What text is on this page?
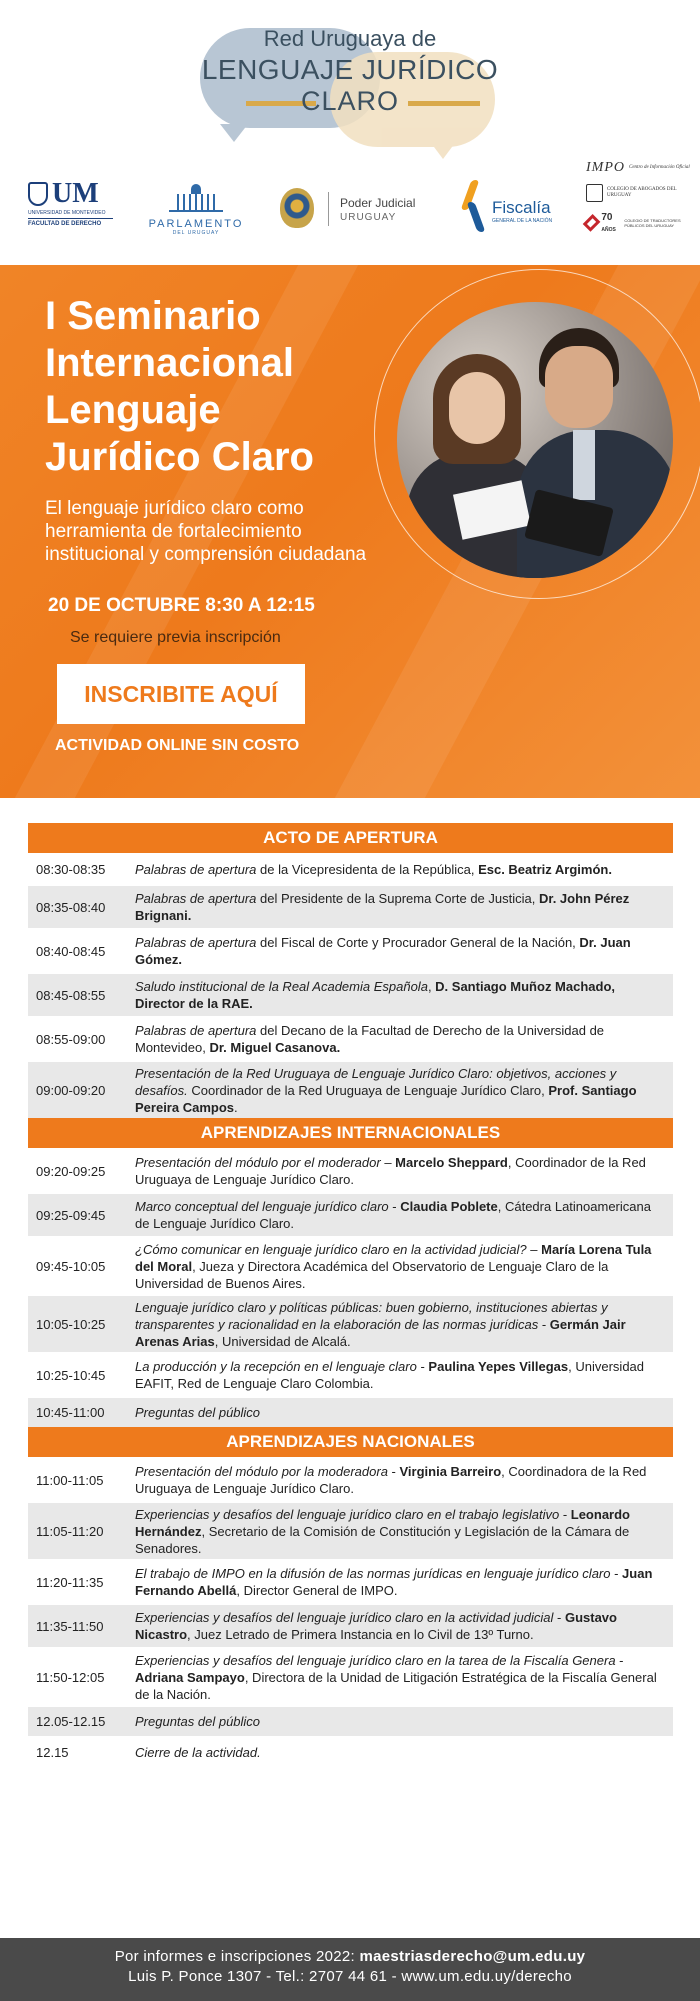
Red Uruguaya de
LENGUAJE JURÍDICO
CLARO
UM
UNIVERSIDAD DE MONTEVIDEO
FACULTAD DE DERECHO	PARLAMENTO
DEL URUGUAY
Poder Judicial
URUGUAY
Fiscalía
GENERAL DE LA NACIÓN
IMPO Centro de Información Oficial
COLEGIO DE ABOGADOS DEL URUGUAY
70 AÑOS
COLEGIO DE TRADUCTORES PÚBLICOS DEL URUGUAY
I Seminario
Internacional
Lenguaje
Jurídico Claro
El lenguaje jurídico claro como
herramienta de fortalecimiento
institucional y comprensión ciudadana
20 DE OCTUBRE 8:30 A 12:15
Se requiere previa inscripción
INSCRIBITE AQUÍ
ACTIVIDAD ONLINE SIN COSTO
ACTO DE APERTURA
08:30-08:35 Palabras de apertura de la Vicepresidenta de la República, Esc. Beatriz Argimón.
08:35-08:40
Palabras de apertura del Presidente de la Suprema Corte de Justicia, Dr. John Pérez Brignani.
08:40-08:45
Palabras de apertura del Fiscal de Corte y Procurador General de la Nación, Dr. Juan Gómez.
08:45-08:55
Saludo institucional de la Real Academia Española, D. Santiago Muñoz Machado, Director de la RAE.
08:55-09:00
Palabras de apertura del Decano de la Facultad de Derecho de la Universidad de Montevideo, Dr. Miguel Casanova.
09:00-09:20
Presentación de la Red Uruguaya de Lenguaje Jurídico Claro: objetivos, acciones y desafíos. Coordinador de la Red Uruguaya de Lenguaje Jurídico Claro, Prof. Santiago Pereira Campos.
APRENDIZAJES INTERNACIONALES
09:20-09:25
Presentación del módulo por el moderador – Marcelo Sheppard, Coordinador de la Red Uruguaya de Lenguaje Jurídico Claro.
09:25-09:45
Marco conceptual del lenguaje jurídico claro - Claudia Poblete, Cátedra Latinoamericana de Lenguaje Jurídico Claro.
09:45-10:05
¿Cómo comunicar en lenguaje jurídico claro en la actividad judicial? – María Lorena Tula del Moral, Jueza y Directora Académica del Observatorio de Lenguaje Claro de la Universidad de Buenos Aires.
10:05-10:25
Lenguaje jurídico claro y políticas públicas: buen gobierno, instituciones abiertas y transparentes y racionalidad en la elaboración de las normas jurídicas - Germán Jair Arenas Arias, Universidad de Alcalá.
10:25-10:45
La producción y la recepción en el lenguaje claro - Paulina Yepes Villegas, Universidad EAFIT, Red de Lenguaje Claro Colombia.
10:45-11:00 Preguntas del público
APRENDIZAJES NACIONALES
11:00-11:05
Presentación del módulo por la moderadora - Virginia Barreiro, Coordinadora de la Red Uruguaya de Lenguaje Jurídico Claro.
11:05-11:20
Experiencias y desafíos del lenguaje jurídico claro en el trabajo legislativo - Leonardo Hernández, Secretario de la Comisión de Constitución y Legislación de la Cámara de Senadores.
11:20-11:35
El trabajo de IMPO en la difusión de las normas jurídicas en lenguaje jurídico claro - Juan Fernando Abellá, Director General de IMPO.
11:35-11:50
Experiencias y desafíos del lenguaje jurídico claro en la actividad judicial - Gustavo Nicastro, Juez Letrado de Primera Instancia en lo Civil de 13º Turno.
11:50-12:05
Experiencias y desafíos del lenguaje jurídico claro en la tarea de la Fiscalía Genera - Adriana Sampayo, Directora de la Unidad de Litigación Estratégica de la Fiscalía General de la Nación.
12.05-12.15 Preguntas del público
12.15	Cierre de la actividad.
Por informes e inscripciones 2022: maestriasderecho@um.edu.uy
Luis P. Ponce 1307 - Tel.: 2707 44 61 - www.um.edu.uy/derecho
